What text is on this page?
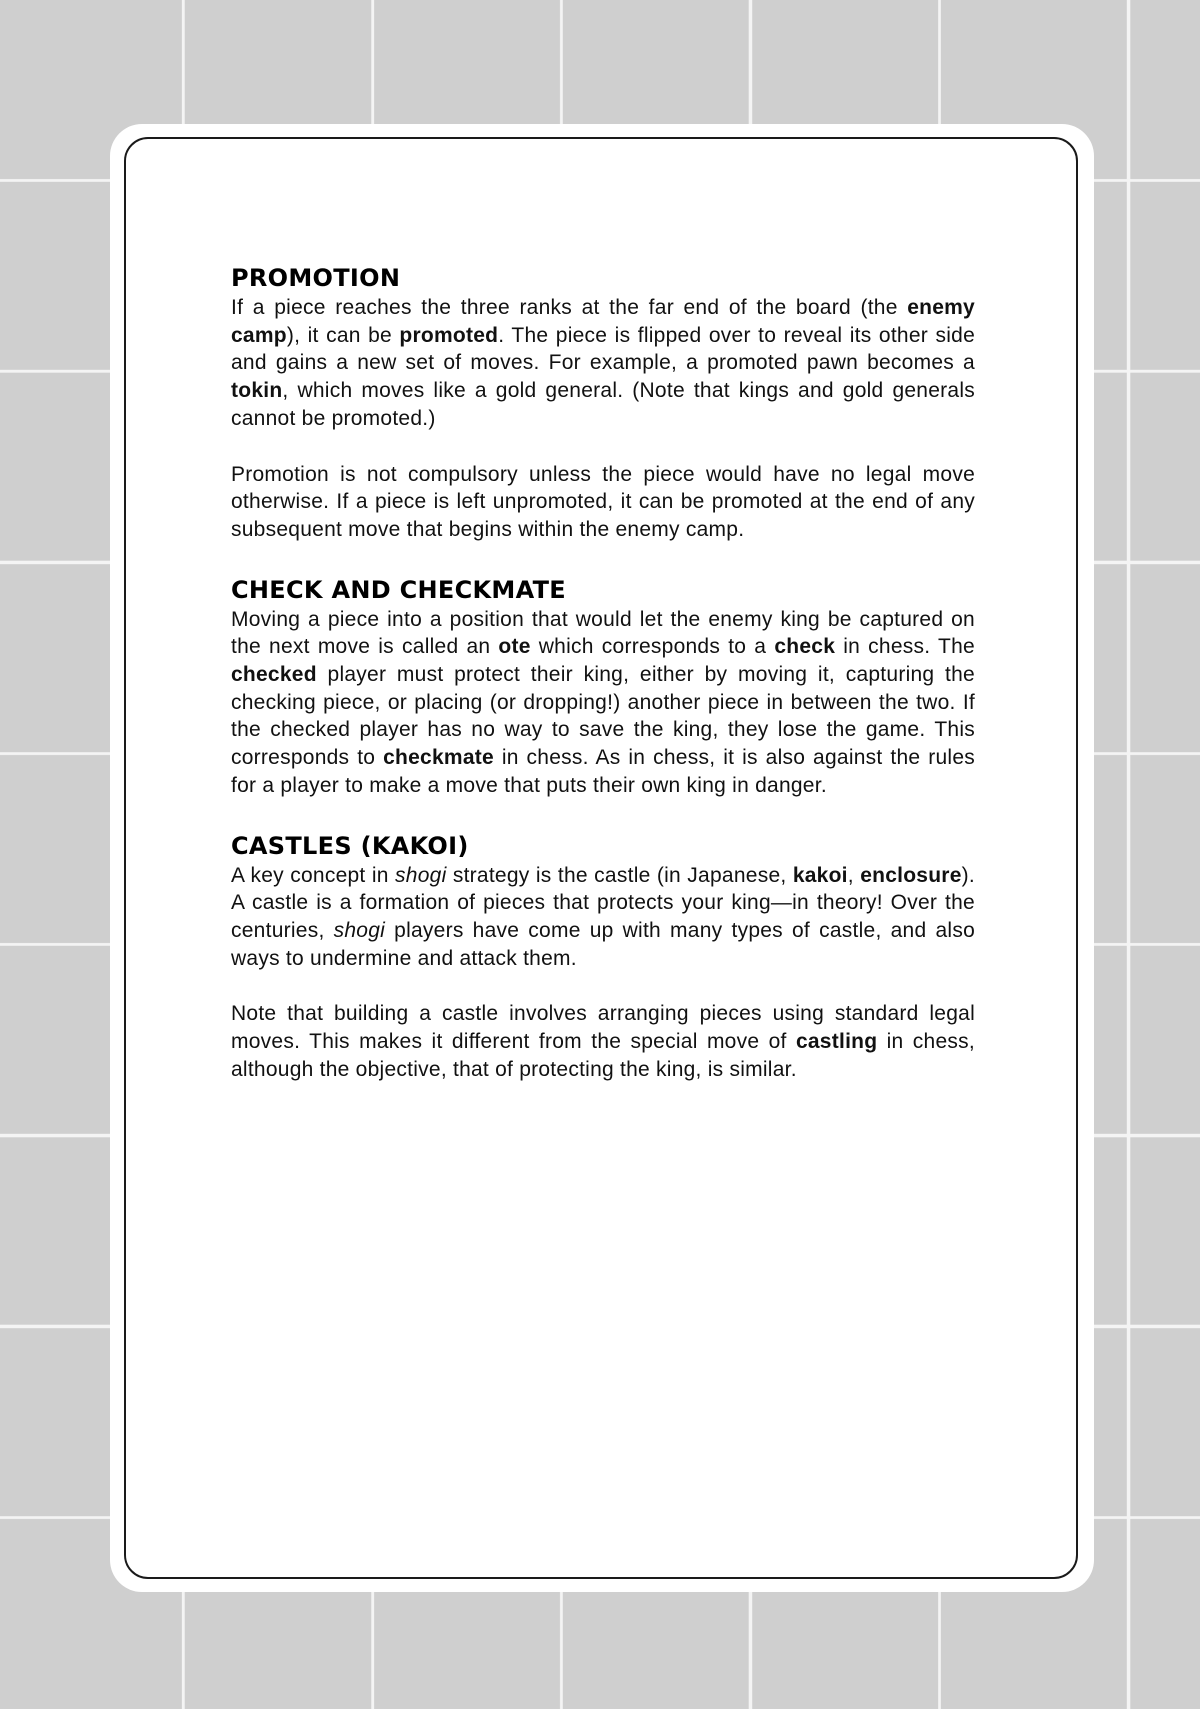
PROMOTION

If a piece reaches the three ranks at the far end of the board (the enemy camp), it can be promoted. The piece is flipped over to reveal its other side and gains a new set of moves. For example, a promoted pawn becomes a tokin, which moves like a gold general. (Note that kings and gold generals cannot be promoted.)

Promotion is not compulsory unless the piece would have no legal move otherwise. If a piece is left unpromoted, it can be promoted at the end of any subsequent move that begins within the enemy camp.

CHECK AND CHECKMATE

Moving a piece into a position that would let the enemy king be captured on the next move is called an ote which corresponds to a check in chess. The checked player must protect their king, either by moving it, capturing the checking piece, or placing (or dropping!) another piece in between the two. If the checked player has no way to save the king, they lose the game. This corresponds to checkmate in chess. As in chess, it is also against the rules for a player to make a move that puts their own king in danger.

CASTLES (KAKOI)

A key concept in shogi strategy is the castle (in Japanese, kakoi, enclosure). A castle is a formation of pieces that protects your king—in theory! Over the centuries, shogi players have come up with many types of castle, and also ways to undermine and attack them.

Note that building a castle involves arranging pieces using standard legal moves. This makes it different from the special move of castling in chess, although the objective, that of protecting the king, is similar.
